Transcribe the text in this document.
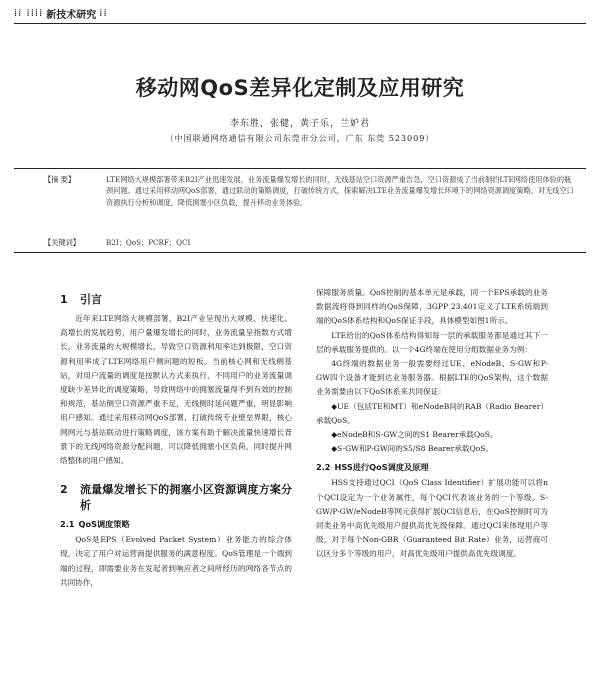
⁞⁞ ⁞⁞⁞⁞ 新技术研究 ⁞⁞
移动网QoS差异化定制及应用研究
李东胜，张健，黄子乐，兰妒君
（中国联通网络通信有限公司东莞市分公司，广东 东莞 523009）
【摘 要】	LTE网络大规模部署带来B2I产业迅速发展，业务流量爆发增长的同时，无线基站空口资源严重告急，空口资源成了当前制约LTE网络使用体验的瓶颈问题。通过采用移动网QoS部署，通过联动的策略调度，打破传统方式，探索解决LTE业务流量爆发增长环境下的网络资源调度策略，对无线空口资源执行分析和调度，降低拥塞小区负载，提升移动业务体验。
【关键词】	B2I；QoS；PCRF；QCI
1	引言

近年来LTE网络大规模部署，B2I产业呈现出大规模、快速化、高增长的发展趋势，用户量爆发增长的同时，业务流量呈指数方式增长，业务流量的大规模增长，导致空口资源利用率达到极限，空口资源利用率成了LTE网络用户侧问题的短板。当前核心网和无线侧基站，对用户流量的调度是按默认方式来执行，不同用户的业务流量调度缺少差异化的调度策略，导致网络中的拥塞流量得不到有效的控制和规范，基站侧空口资源严重不足，无线侧时延问题严重，明显影响用户感知。通过采用移动网QoS部署，打破传统专业壁垒界限，核心网网元与基站联动进行策略调度，该方案有助于解决流量快速增长背景下的无线网络资源分配问题，可以降低拥塞小区负荷，同时提升网络整体的用户感知。

2	流量爆发增长下的拥塞小区资源调度方案分析
2.1 QoS调度策略

QoS是EPS（Evolved Packet System）业务能力的综合体现，决定了用户对运营商提供服务的满意程度。QoS管理是一个端到端的过程，即需要业务在发起者到响应者之间所经历的网络各节点的共同协作，

保障服务质量。QoS控制的基本单元是承载，同一个EPS承载的业务数据流将得到同样的QoS保障，3GPP 23.401定义了LTE系统端到端的QoS体系结构和QoS保证手段，具体模型如图1所示。

LTE给出的QoS体系结构得知每一层的承载服务都是通过其下一层的承载服务提供的。以一个4G终端在使用分组数据业务为例：

4G终端的数据业务一般需要经过UE、eNodeB、S-GW和P-GW四个设备才能到达业务服务器。根据LTE的QoS架构，这个数据业务需要由以下QoS体系来共同保证：

◆UE（包括TE和MT）和eNodeB间的RAB（Radio Bearer）承载QoS。

◆eNodeB和S-GW之间的S1 Bearer承载QoS。

◆S-GW和P-GW间的S5/S8 Bearer承载QoS。

2.2 HSS进行QoS调度及原理

HSS支持通过QCI（QoS Class Identifier）扩展功能可以将n个QCI设定为一个业务属性，每个QCI代表该业务的一个等级。S-GW/P-GW/eNodeB等网元获得扩展QCI信息后，在QoS控制时可为同类业务中高优先级用户提供高优先级保障。通过QCI来体现用户等级，对于每个Non-GBR（Guaranteed Bit Rate）业务，运营商可以区分多个等级的用户，对高优先级用户提供高优先级调度。
